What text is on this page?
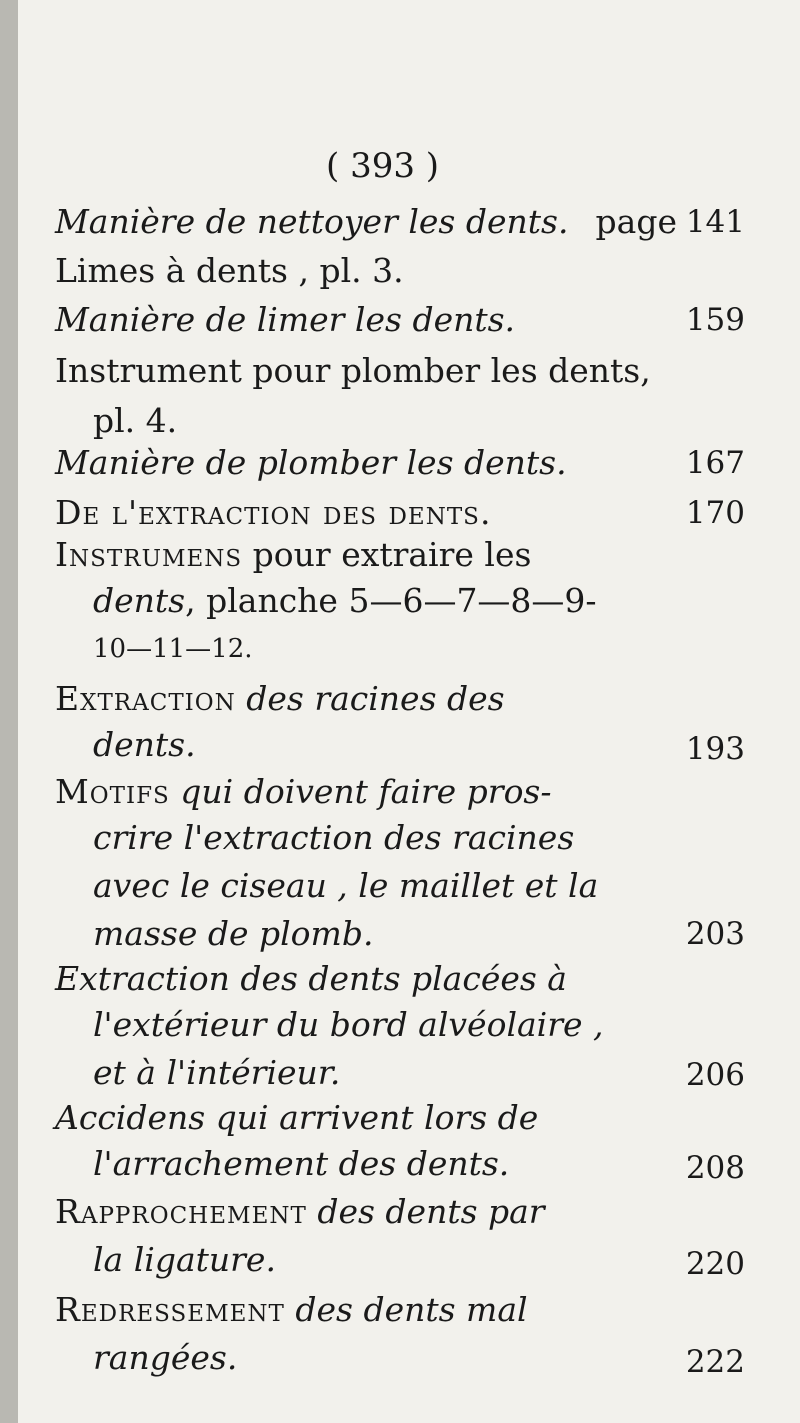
( 393 )
Manière de nettoyer les dents. page 141
Limes à dents , pl. 3.
Manière de limer les dents.	159
Instrument pour plomber les dents,
pl. 4.
Manière de plomber les dents.	167
De l'extraction des dents.	170
Instrumens pour extraire les
dents, planche 5—6—7—8—9-
10—11—12.
Extraction des racines des
dents.	193
Motifs qui doivent faire pros-
crire l'extraction des racines
avec le ciseau , le maillet et la
masse de plomb.	203
Extraction des dents placées à
l'extérieur du bord alvéolaire ,
et à l'intérieur.	206
Accidens qui arrivent lors de
l'arrachement des dents.	208
Rapprochement des dents par
la ligature.	220
Redressement des dents mal
rangées.	222
